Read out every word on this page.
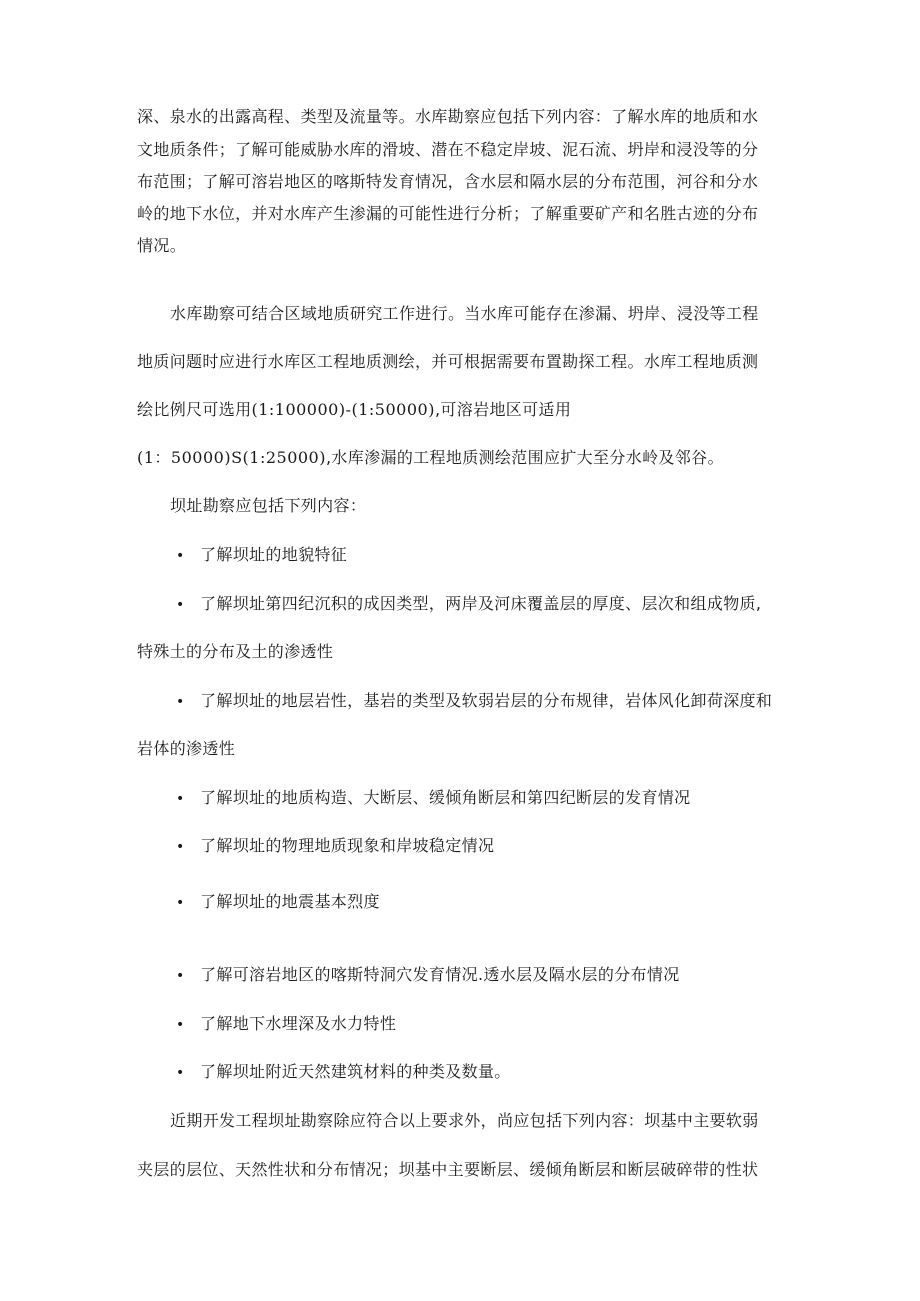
深、泉水的出露高程、类型及流量等。水库勘察应包括下列内容：了解水库的地质和水
文地质条件；了解可能威胁水库的滑坡、潜在不稳定岸坡、泥石流、坍岸和浸没等的分
布范围；了解可溶岩地区的喀斯特发育情况，含水层和隔水层的分布范围，河谷和分水
岭的地下水位，并对水库产生渗漏的可能性进行分析；了解重要矿产和名胜古迹的分布
情况。
水库勘察可结合区域地质研究工作进行。当水库可能存在渗漏、坍岸、浸没等工程
地质问题时应进行水库区工程地质测绘，并可根据需要布置勘探工程。水库工程地质测
绘比例尺可选用(1:100000)-(1:50000),可溶岩地区可适用
(1：50000)S(1:25000),水库渗漏的工程地质测绘范围应扩大至分水岭及邻谷。
坝址勘察应包括下列内容：
• 了解坝址的地貌特征
• 了解坝址第四纪沉积的成因类型，两岸及河床覆盖层的厚度、层次和组成物质,
特殊土的分布及土的渗透性
• 了解坝址的地层岩性，基岩的类型及软弱岩层的分布规律，岩体风化卸荷深度和
岩体的渗透性
• 了解坝址的地质构造、大断层、缓倾角断层和第四纪断层的发育情况
• 了解坝址的物理地质现象和岸坡稳定情况
• 了解坝址的地震基本烈度
• 了解可溶岩地区的喀斯特洞穴发育情况.透水层及隔水层的分布情况
• 了解地下水埋深及水力特性
• 了解坝址附近天然建筑材料的种类及数量。
近期开发工程坝址勘察除应符合以上要求外，尚应包括下列内容：坝基中主要软弱
夹层的层位、天然性状和分布情况；坝基中主要断层、缓倾角断层和断层破碎带的性状
